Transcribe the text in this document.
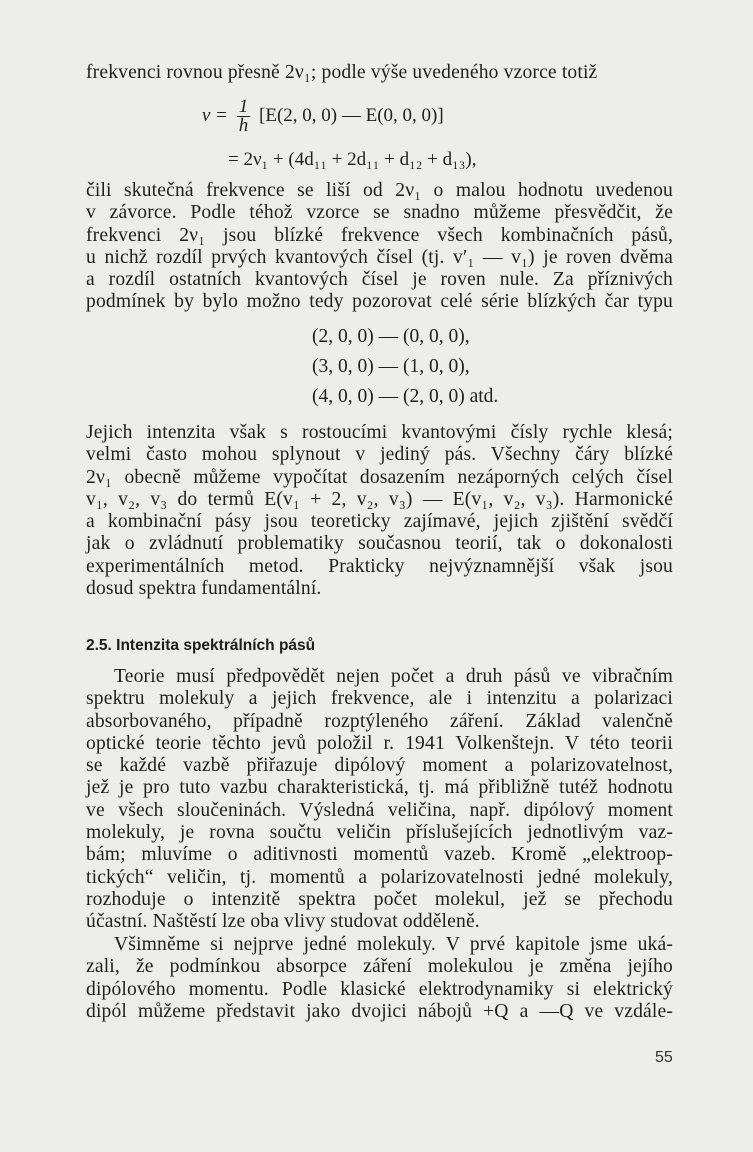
frekvenci rovnou přesně 2ν₁; podle výše uvedeného vzorce totiž
$\nu = \frac{1}{h} [E(2$, 0, 0) — E(0, 0, 0)]
= 2ν₁ + (4d₁₁ + 2d₁₁ + d₁₂ + d₁₃),
čili skutečná frekvence se liší od 2ν₁ o malou hodnotu uvedenou
v závorce. Podle téhož vzorce se snadno můžeme přesvědčit, že
frekvenci 2ν₁ jsou blízké frekvence všech kombinačních pásů,
u nichž rozdíl prvých kvantových čísel (tj. v′₁ — v₁) je roven dvěma
a rozdíl ostatních kvantových čísel je roven nule. Za příznivých
podmínek by bylo možno tedy pozorovat celé série blízkých čar typu
(2, 0, 0) — (0, 0, 0),
(3, 0, 0) — (1, 0, 0),
(4, 0, 0) — (2, 0, 0) atd.
Jejich intenzita však s rostoucími kvantovými čísly rychle klesá;
velmi často mohou splynout v jediný pás. Všechny čáry blízké
2ν₁ obecně můžeme vypočítat dosazením nezáporných celých čísel
v₁, v₂, v₃ do termů E(v₁ + 2, v₂, v₃) — E(v₁, v₂, v₃). Harmonické
a kombinační pásy jsou teoreticky zajímavé, jejich zjištění svědčí
jak o zvládnutí problematiky současnou teorií, tak o dokonalosti
experimentálních metod. Prakticky nejvýznamnější však jsou
dosud spektra fundamentální.
2.5. Intenzita spektrálních pásů
Teorie musí předpovědět nejen počet a druh pásů ve vibračním
spektru molekuly a jejich frekvence, ale i intenzitu a polarizaci
absorbovaného, případně rozptýleného záření. Základ valenčně
optické teorie těchto jevů položil r. 1941 Volkenštejn. V této teorii
se každé vazbě přiřazuje dipólový moment a polarizovatelnost,
jež je pro tuto vazbu charakteristická, tj. má přibližně tutéž hodnotu
ve všech sloučeninách. Výsledná veličina, např. dipólový moment
molekuly, je rovna součtu veličin příslušejících jednotlivým vaz-
bám; mluvíme o aditivnosti momentů vazeb. Kromě „elektroop-
tických“ veličin, tj. momentů a polarizovatelnosti jedné molekuly,
rozhoduje o intenzitě spektra počet molekul, jež se přechodu
účastní. Naštěstí lze oba vlivy studovat odděleně.
Všimněme si nejprve jedné molekuly. V prvé kapitole jsme uká-
zali, že podmínkou absorpce záření molekulou je změna jejího
dipólového momentu. Podle klasické elektrodynamiky si elektrický
dipól můžeme představit jako dvojici nábojů +Q a —Q ve vzdále-
55
